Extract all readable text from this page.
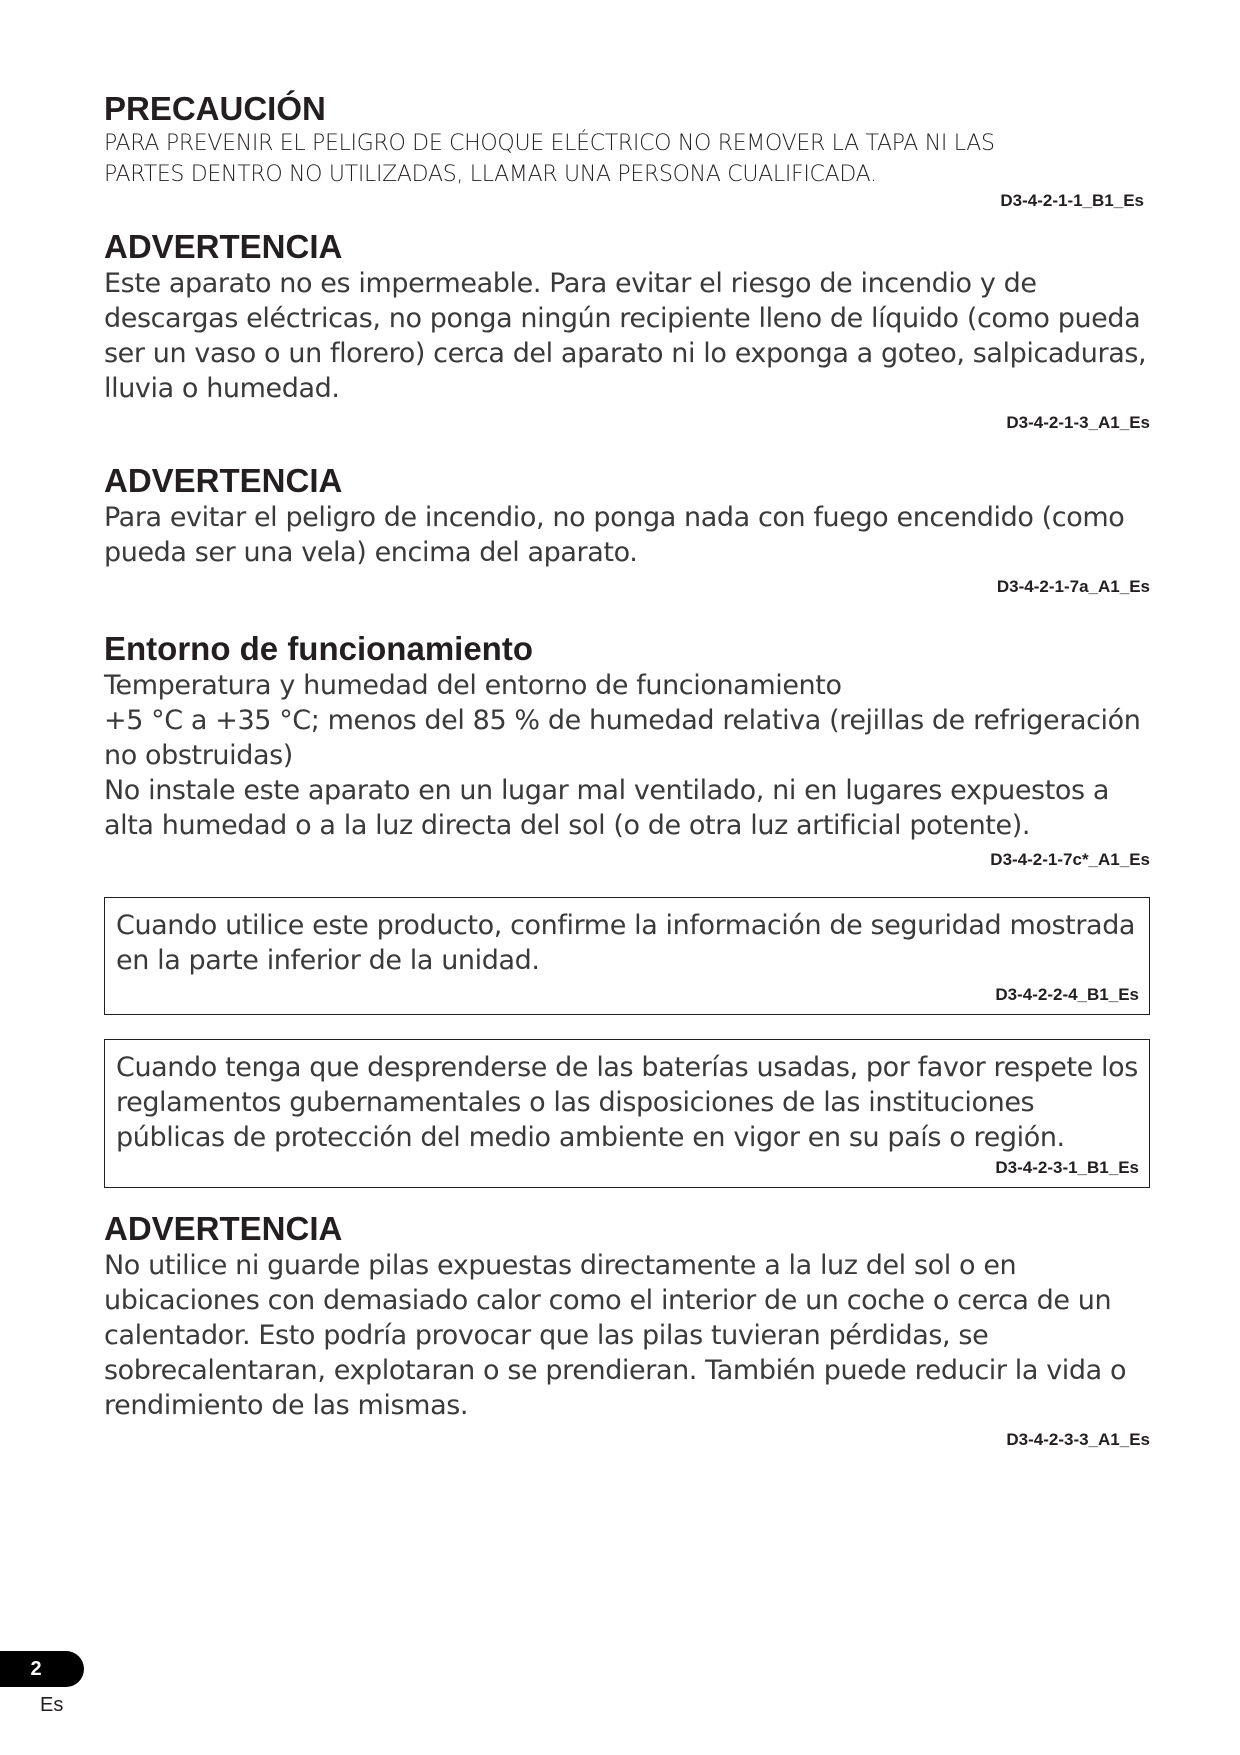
PRECAUCIÓN

PARA PREVENIR EL PELIGRO DE CHOQUE ELÉCTRICO NO REMOVER LA TAPA NI LAS PARTES DENTRO NO UTILIZADAS, LLAMAR UNA PERSONA CUALIFICADA.

D3-4-2-1-1_B1_Es

ADVERTENCIA

Este aparato no es impermeable. Para evitar el riesgo de incendio y de descargas eléctricas, no ponga ningún recipiente lleno de líquido (como pueda ser un vaso o un florero) cerca del aparato ni lo exponga a goteo, salpicaduras, lluvia o humedad.

D3-4-2-1-3_A1_Es

ADVERTENCIA

Para evitar el peligro de incendio, no ponga nada con fuego encendido (como pueda ser una vela) encima del aparato.

D3-4-2-1-7a_A1_Es

Entorno de funcionamiento

Temperatura y humedad del entorno de funcionamiento

+5 °C a +35 °C; menos del 85 % de humedad relativa (rejillas de refrigeración no obstruidas)

No instale este aparato en un lugar mal ventilado, ni en lugares expuestos a alta humedad o a la luz directa del sol (o de otra luz artificial potente).

D3-4-2-1-7c*_A1_Es

Cuando utilice este producto, confirme la información de seguridad mostrada en la parte inferior de la unidad.

D3-4-2-2-4_B1_Es

Cuando tenga que desprenderse de las baterías usadas, por favor respete los reglamentos gubernamentales o las disposiciones de las instituciones públicas de protección del medio ambiente en vigor en su país o región.

D3-4-2-3-1_B1_Es

ADVERTENCIA

No utilice ni guarde pilas expuestas directamente a la luz del sol o en ubicaciones con demasiado calor como el interior de un coche o cerca de un calentador. Esto podría provocar que las pilas tuvieran pérdidas, se sobrecalentaran, explotaran o se prendieran. También puede reducir la vida o rendimiento de las mismas.

D3-4-2-3-3_A1_Es

2
Es
